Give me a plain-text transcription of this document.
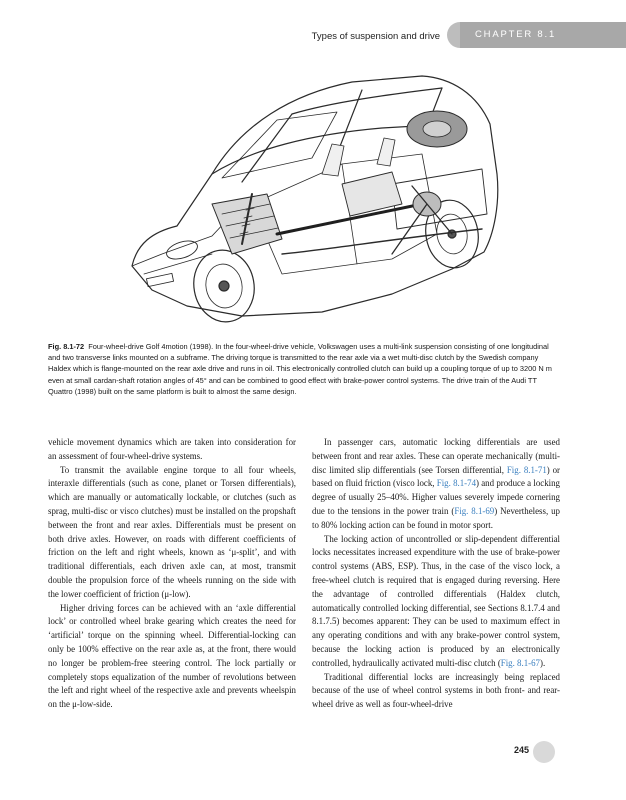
Types of suspension and drive	CHAPTER 8.1

Fig. 8.1-72 Four-wheel-drive Golf 4motion (1998). In the four-wheel-drive vehicle, Volkswagen uses a multi-link suspension consisting of one longitudinal and two transverse links mounted on a subframe. The driving torque is transmitted to the rear axle via a wet multi-disc clutch by the Swedish company Haldex which is flange-mounted on the rear axle drive and runs in oil. This electronically controlled clutch can build up a coupling torque of up to 3200 N m even at small cardan-shaft rotation angles of 45° and can be combined to good effect with brake-power control systems. The drive train of the Audi TT Quattro (1998) built on the same platform is built to almost the same design.

vehicle movement dynamics which are taken into consideration for an assessment of four-wheel-drive systems.

To transmit the available engine torque to all four wheels, interaxle differentials (such as cone, planet or Torsen differentials), which are manually or automatically lockable, or clutches (such as sprag, multi-disc or visco clutches) must be installed on the propshaft between the front and rear axles. Differentials must be present on both drive axles. However, on roads with different coefficients of friction on the left and right wheels, known as ‘μ-split’, and with traditional differentials, each driven axle can, at most, transmit double the propulsion force of the wheels running on the side with the lower coefficient of friction (μ-low).

Higher driving forces can be achieved with an ‘axle differential lock’ or controlled wheel brake gearing which creates the need for ‘artificial’ torque on the spinning wheel. Differential-locking can only be 100% effective on the rear axle as, at the front, there would no longer be problem-free steering control. The lock partially or completely stops equalization of the number of revolutions between the left and right wheel of the respective axle and prevents wheelspin on the μ-low-side.

In passenger cars, automatic locking differentials are used between front and rear axles. These can operate mechanically (multi-disc limited slip differentials (see Torsen differential, Fig. 8.1-71) or based on fluid friction (visco lock, Fig. 8.1-74) and produce a locking degree of usually 25–40%. Higher values severely impede cornering due to the tensions in the power train (Fig. 8.1-69) Nevertheless, up to 80% locking action can be found in motor sport.

The locking action of uncontrolled or slip-dependent differential locks necessitates increased expenditure with the use of brake-power control systems (ABS, ESP). Thus, in the case of the visco lock, a free-wheel clutch is required that is engaged during reversing. Here the advantage of controlled differentials (Haldex clutch, automatically controlled locking differential, see Sections 8.1.7.4 and 8.1.7.5) becomes apparent: They can be used to maximum effect in any operating conditions and with any brake-power control system, because the locking action is produced by an electronically controlled, hydraulically activated multi-disc clutch (Fig. 8.1-67).

Traditional differential locks are increasingly being replaced because of the use of wheel control systems in both front- and rear-wheel drive as well as four-wheel-drive

245
